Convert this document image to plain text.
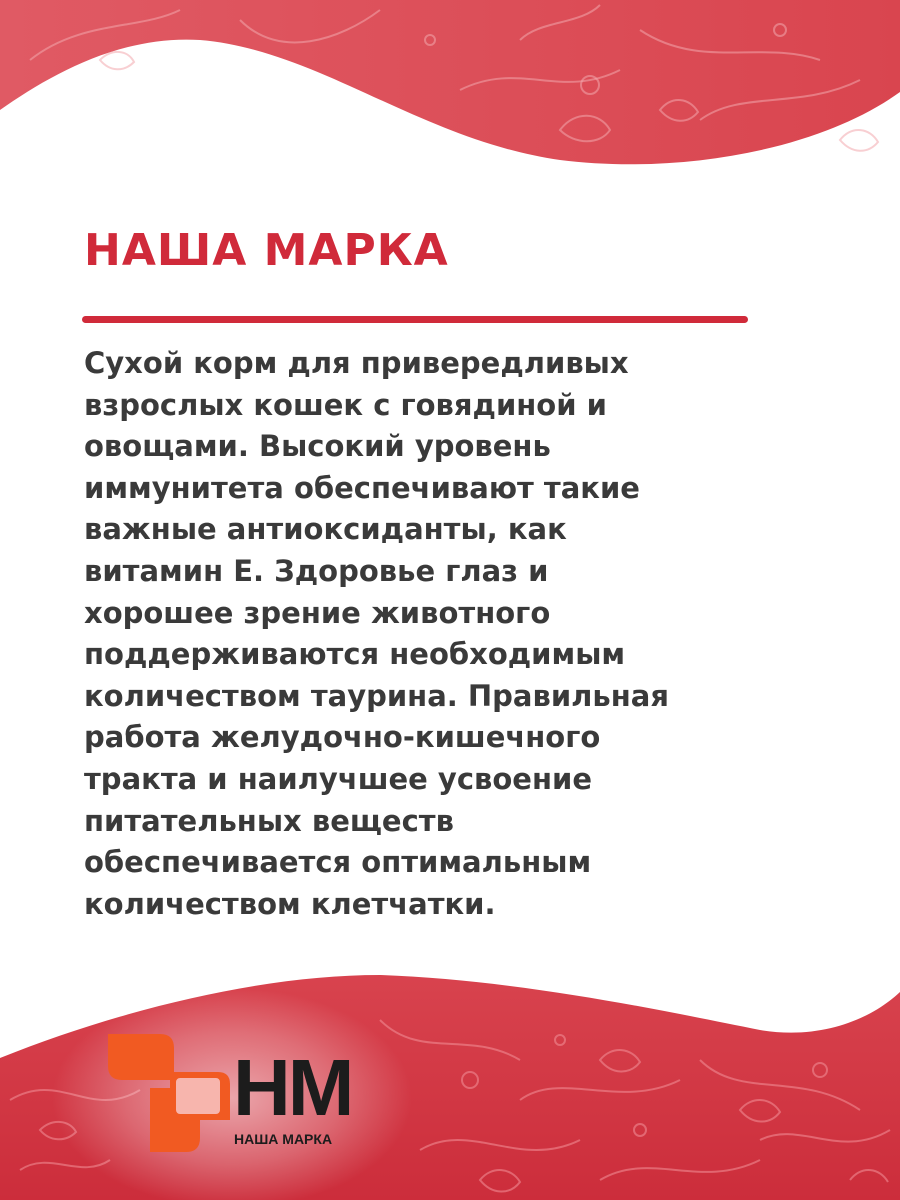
НАША МАРКА

Сухой корм для привередливых
взрослых кошек с говядиной и
овощами. Высокий уровень
иммунитета обеспечивают такие
важные антиоксиданты, как
витамин Е. Здоровье глаз и
хорошее зрение животного
поддерживаются необходимым
количеством таурина. Правильная
работа желудочно-кишечного
тракта и наилучшее усвоение
питательных веществ
обеспечивается оптимальным
количеством клетчатки.

НМ
НАША МАРКА
